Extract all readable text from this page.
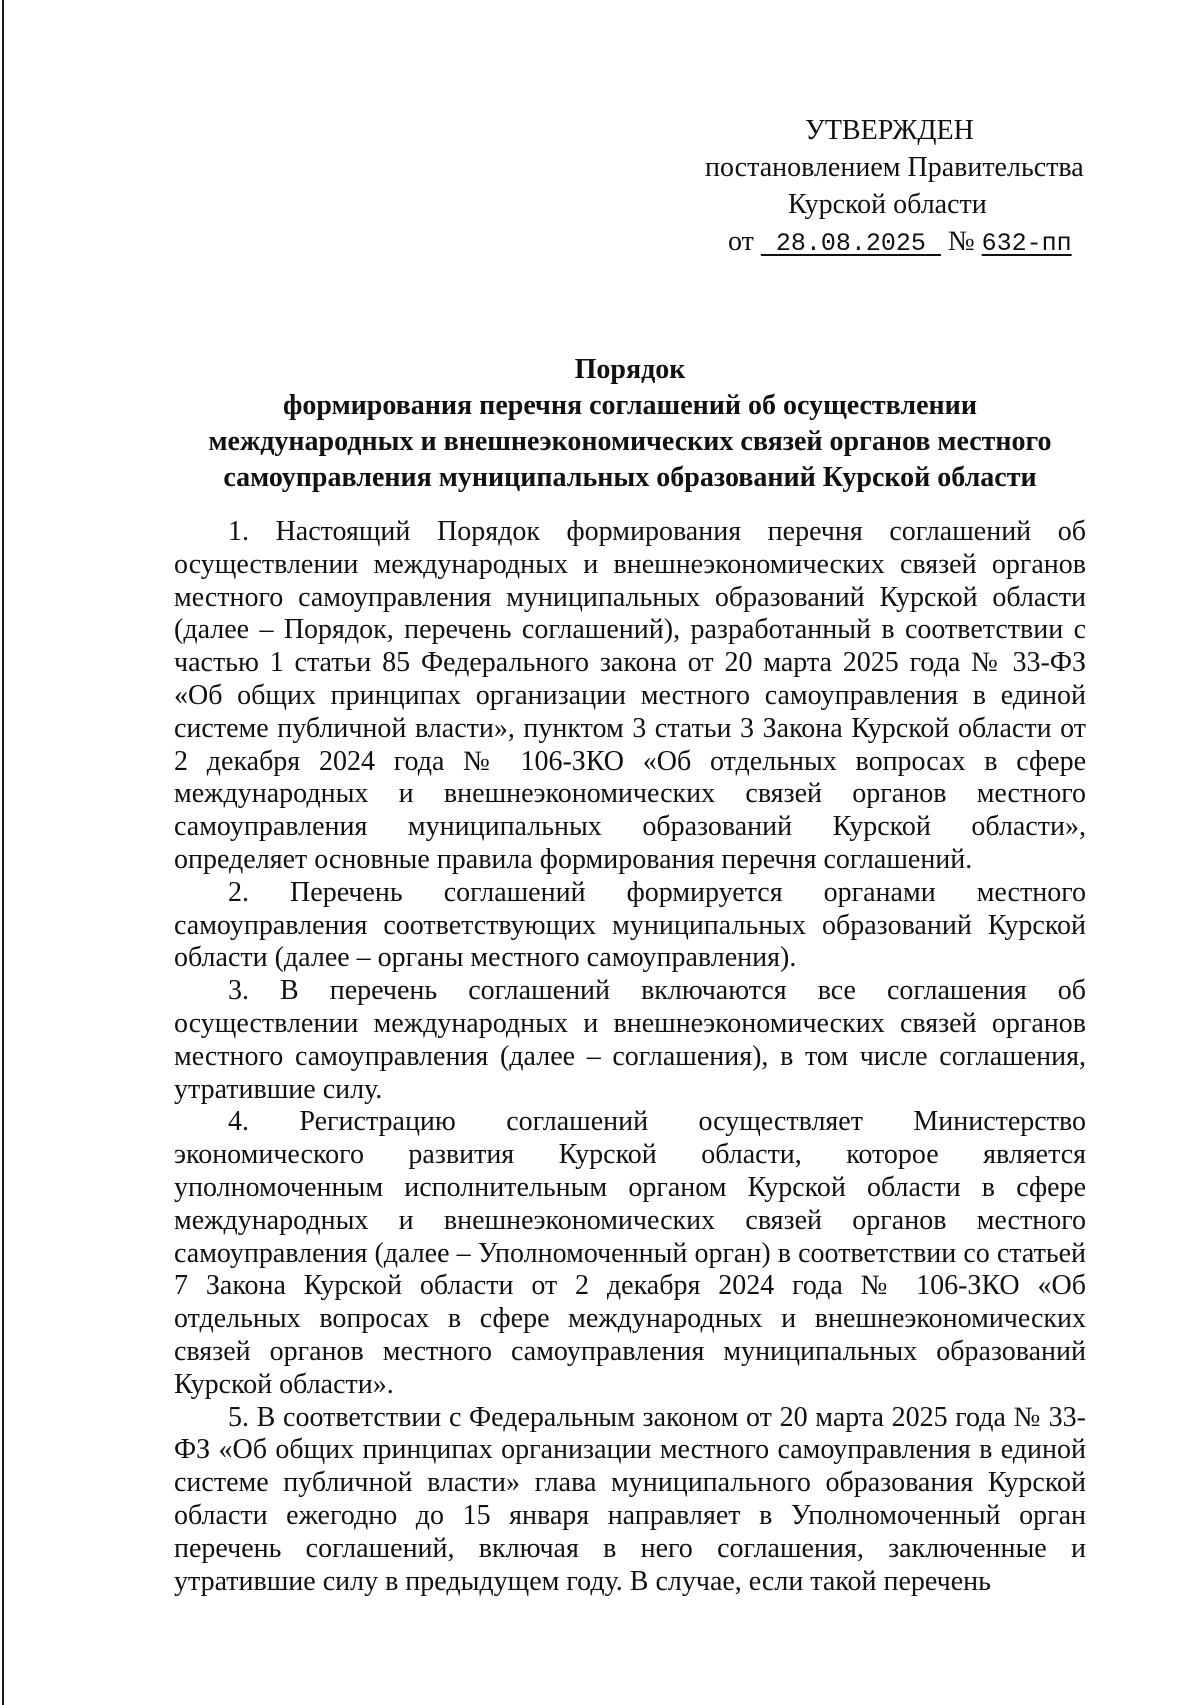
УТВЕРЖДЕН
постановлением Правительства
Курской области
от 28.08.2025 № 632-пп
Порядок
формирования перечня соглашений об осуществлении
международных и внешнеэкономических связей органов местного
самоуправления муниципальных образований Курской области

1. Настоящий Порядок формирования перечня соглашений об осуществлении международных и внешнеэкономических связей органов местного самоуправления муниципальных образований Курской области (далее – Порядок, перечень соглашений), разработанный в соответствии с частью 1 статьи 85 Федерального закона от 20 марта 2025 года № 33-ФЗ «Об общих принципах организации местного самоуправления в единой системе публичной власти», пунктом 3 статьи 3 Закона Курской области от 2 декабря 2024 года № 106-ЗКО «Об отдельных вопросах в сфере международных и внешнеэкономических связей органов местного самоуправления муниципальных образований Курской области», определяет основные правила формирования перечня соглашений.

2. Перечень соглашений формируется органами местного самоуправления соответствующих муниципальных образований Курской области (далее – органы местного самоуправления).

3. В перечень соглашений включаются все соглашения об осуществлении международных и внешнеэкономических связей органов местного самоуправления (далее – соглашения), в том числе соглашения, утратившие силу.

4. Регистрацию соглашений осуществляет Министерство экономического развития Курской области, которое является уполномоченным исполнительным органом Курской области в сфере международных и внешнеэкономических связей органов местного самоуправления (далее – Уполномоченный орган) в соответствии со статьей 7 Закона Курской области от 2 декабря 2024 года № 106-ЗКО «Об отдельных вопросах в сфере международных и внешнеэкономических связей органов местного самоуправления муниципальных образований Курской области».

5. В соответствии с Федеральным законом от 20 марта 2025 года № 33-ФЗ «Об общих принципах организации местного самоуправления в единой системе публичной власти» глава муниципального образования Курской области ежегодно до 15 января направляет в Уполномоченный орган перечень соглашений, включая в него соглашения, заключенные и утратившие силу в предыдущем году. В случае, если такой перечень
